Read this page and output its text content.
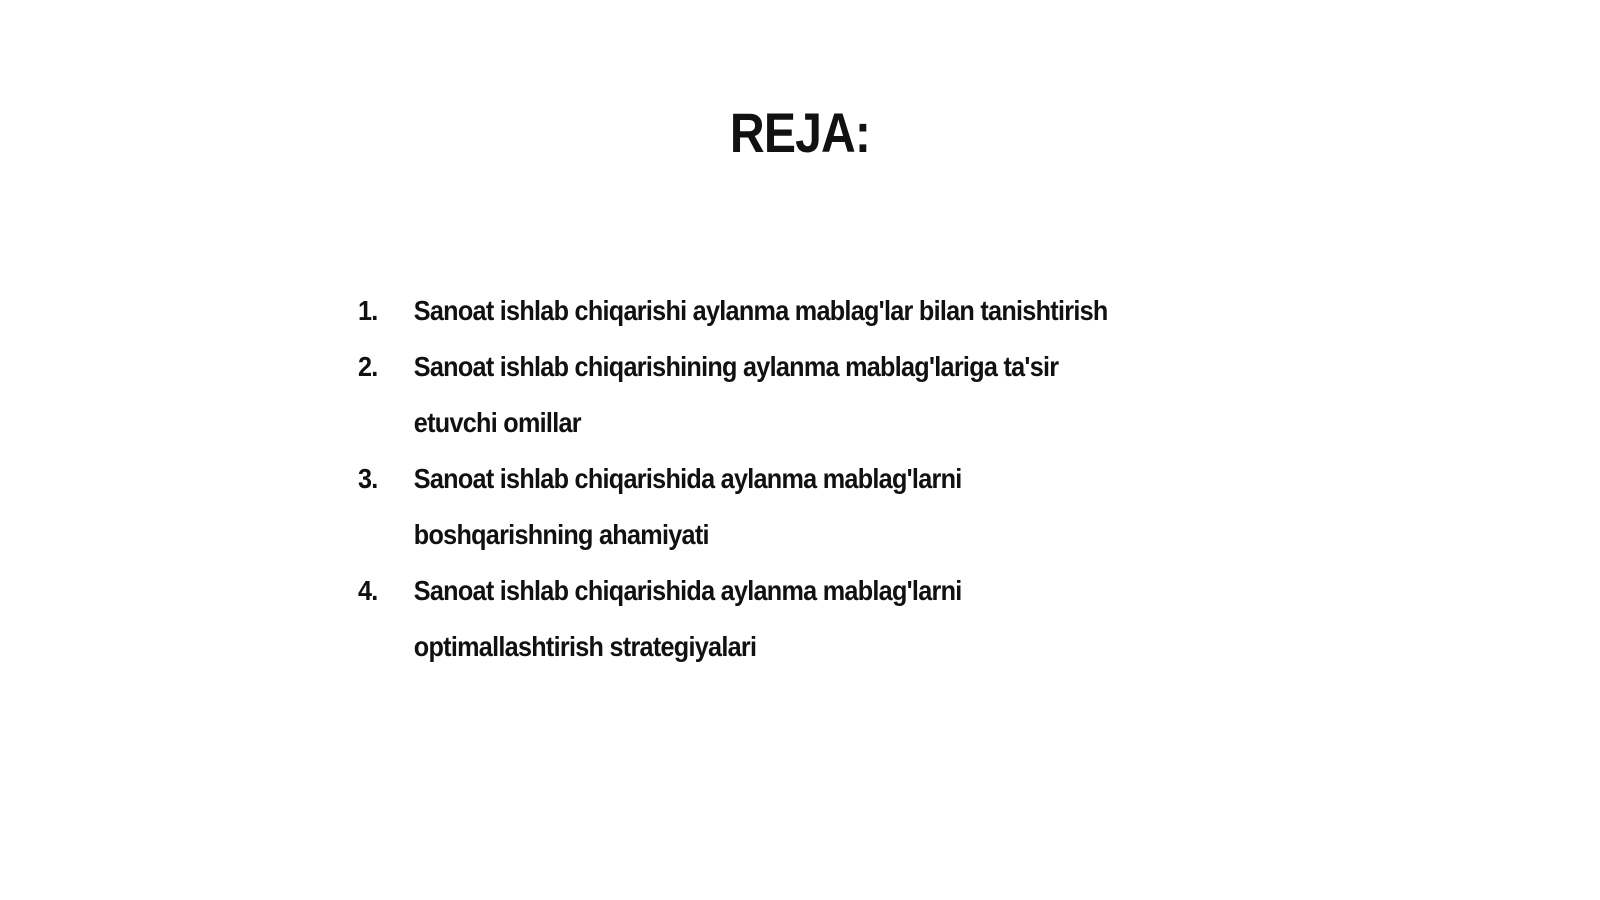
REJA:
1. Sanoat ishlab chiqarishi aylanma mablag'lar bilan tanishtirish
2. Sanoat ishlab chiqarishining aylanma mablag'lariga ta'sir etuvchi omillar
3. Sanoat ishlab chiqarishida aylanma mablag'larni boshqarishning ahamiyati
4. Sanoat ishlab chiqarishida aylanma mablag'larni optimallashtirish strategiyalari
